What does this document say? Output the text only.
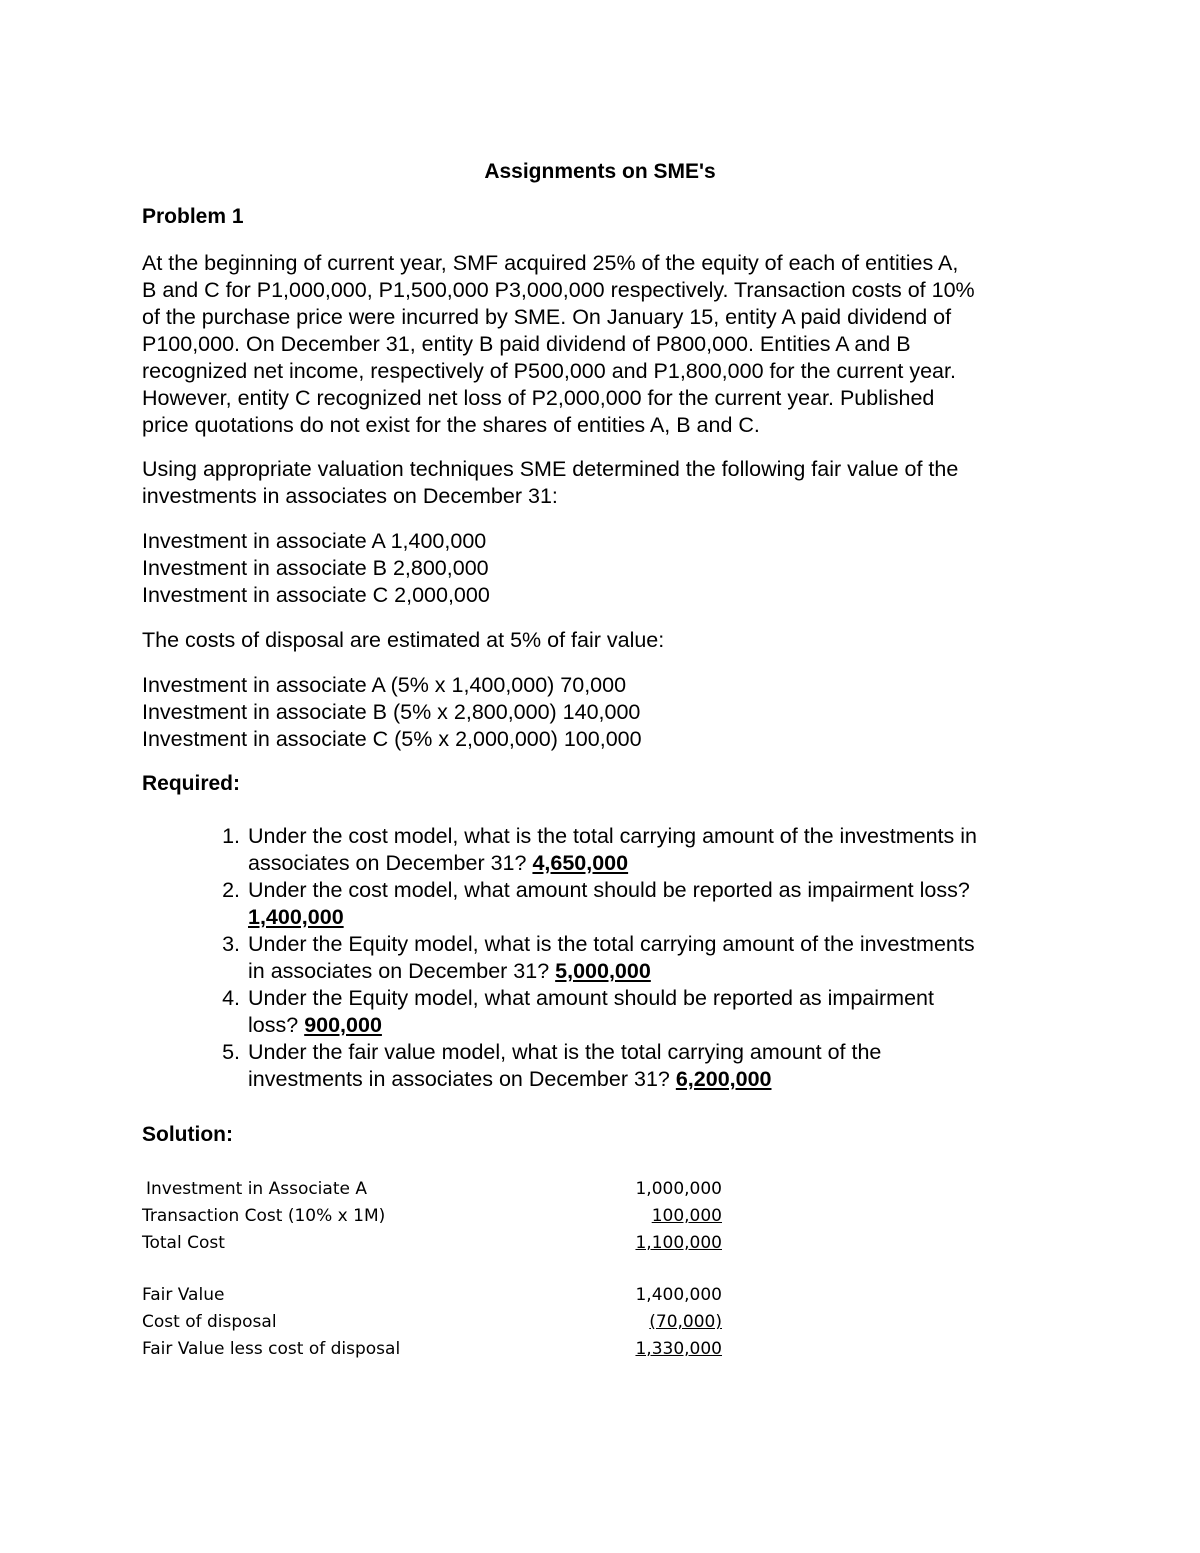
Assignments on SME's
Problem 1
At the beginning of current year, SMF acquired 25% of the equity of each of entities A,
B and C for P1,000,000, P1,500,000 P3,000,000 respectively. Transaction costs of 10%
of the purchase price were incurred by SME. On January 15, entity A paid dividend of
P100,000. On December 31, entity B paid dividend of P800,000. Entities A and B
recognized net income, respectively of P500,000 and P1,800,000 for the current year.
However, entity C recognized net loss of P2,000,000 for the current year. Published
price quotations do not exist for the shares of entities A, B and C.
Using appropriate valuation techniques SME determined the following fair value of the
investments in associates on December 31:
Investment in associate A 1,400,000
Investment in associate B 2,800,000
Investment in associate C 2,000,000
The costs of disposal are estimated at 5% of fair value:
Investment in associate A (5% x 1,400,000) 70,000
Investment in associate B (5% x 2,800,000) 140,000
Investment in associate C (5% x 2,000,000) 100,000
Required:
1. Under the cost model, what is the total carrying amount of the investments in
associates on December 31? 4,650,000
2. Under the cost model, what amount should be reported as impairment loss?
1,400,000
3. Under the Equity model, what is the total carrying amount of the investments
in associates on December 31? 5,000,000
4. Under the Equity model, what amount should be reported as impairment
loss? 900,000
5. Under the fair value model, what is the total carrying amount of the
investments in associates on December 31? 6,200,000
Solution:
Investment in Associate A	1,000,000
Transaction Cost (10% x 1M)	100,000
Total Cost	1,100,000
Fair Value	1,400,000
Cost of disposal	(70,000)
Fair Value less cost of disposal	1,330,000
